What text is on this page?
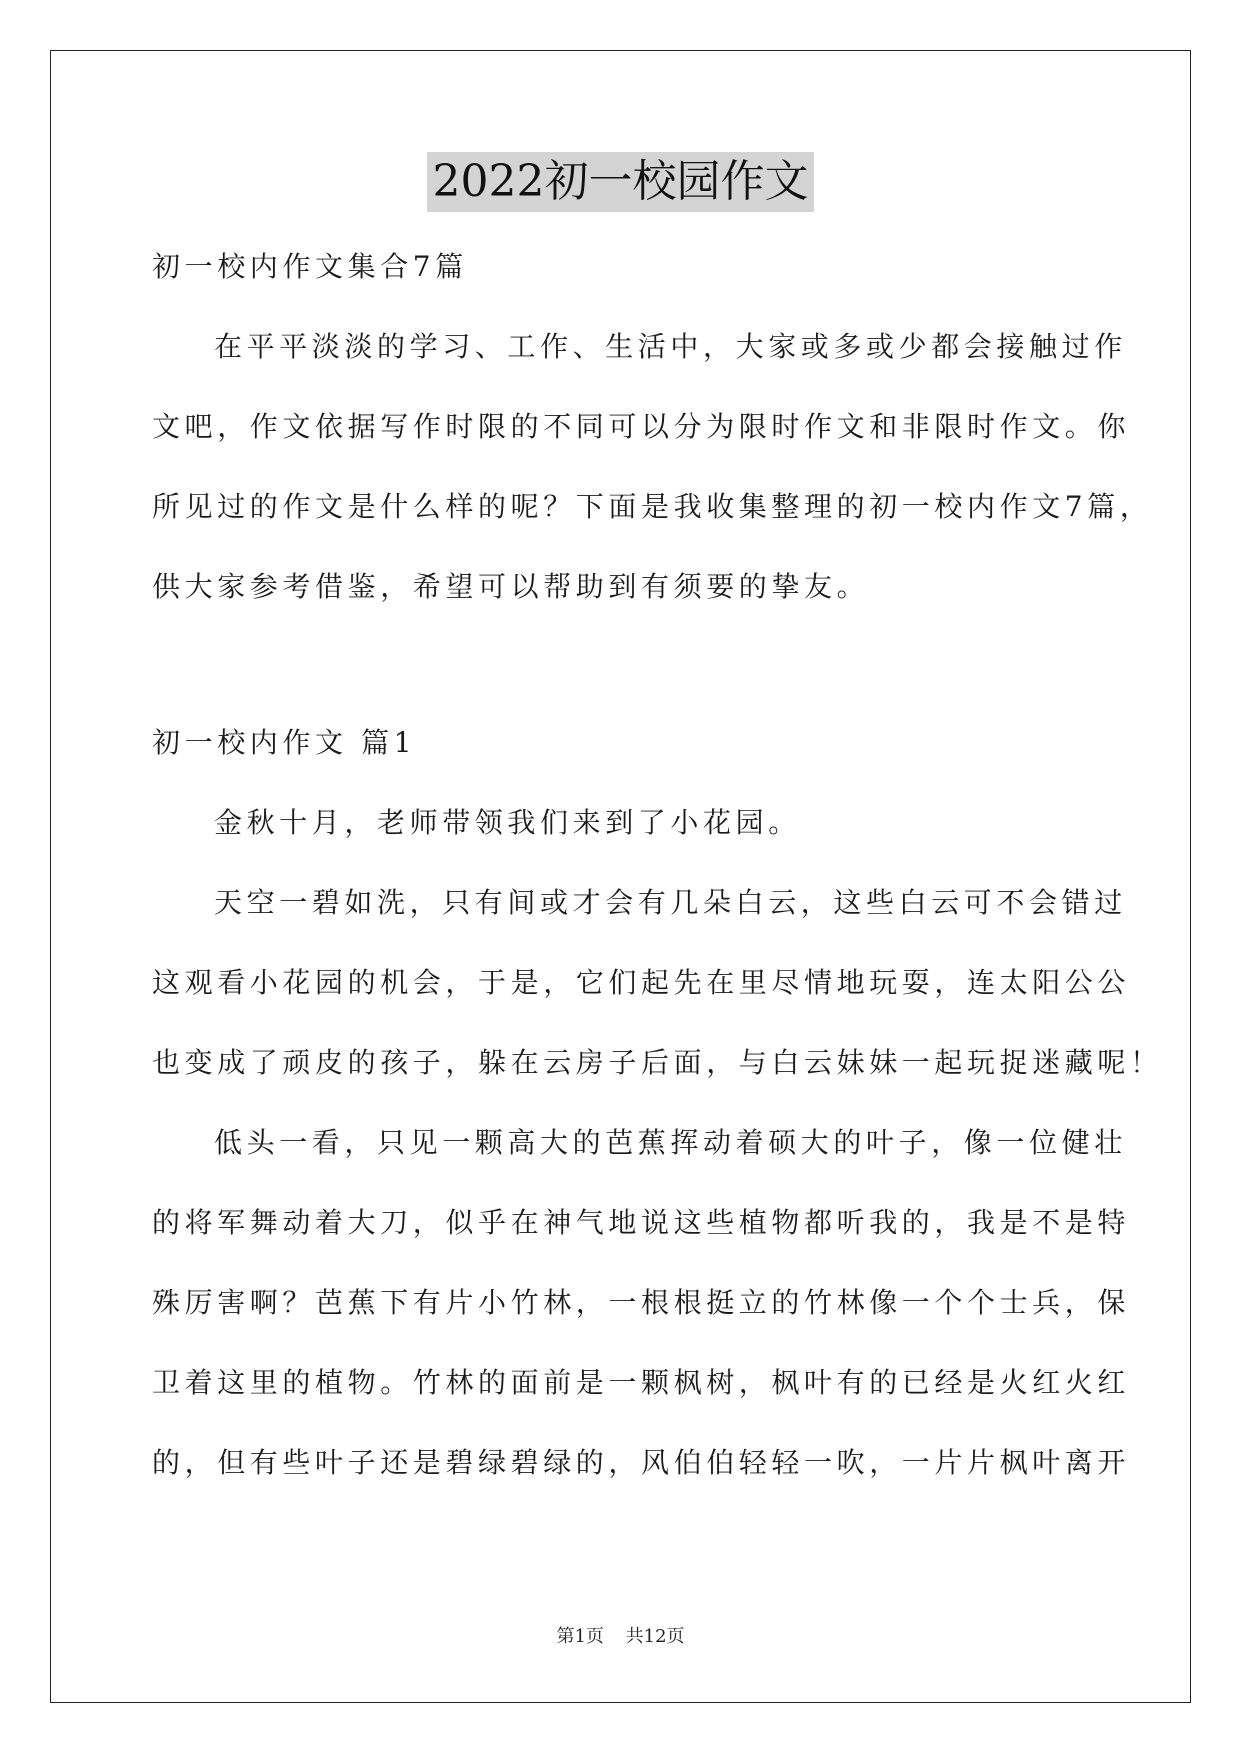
2022初一校园作文
初一校内作文集合7篇
在平平淡淡的学习、工作、生活中，大家或多或少都会接触过作
文吧，作文依据写作时限的不同可以分为限时作文和非限时作文。你
所见过的作文是什么样的呢？下面是我收集整理的初一校内作文7篇，
供大家参考借鉴，希望可以帮助到有须要的挚友。
初一校内作文 篇1
金秋十月，老师带领我们来到了小花园。
天空一碧如洗，只有间或才会有几朵白云，这些白云可不会错过
这观看小花园的机会，于是，它们起先在里尽情地玩耍，连太阳公公
也变成了顽皮的孩子，躲在云房子后面，与白云妹妹一起玩捉迷藏呢！
低头一看，只见一颗高大的芭蕉挥动着硕大的叶子，像一位健壮
的将军舞动着大刀，似乎在神气地说这些植物都听我的，我是不是特
殊厉害啊？芭蕉下有片小竹林，一根根挺立的竹林像一个个士兵，保
卫着这里的植物。竹林的面前是一颗枫树，枫叶有的已经是火红火红
的，但有些叶子还是碧绿碧绿的，风伯伯轻轻一吹，一片片枫叶离开
第1页 共12页
